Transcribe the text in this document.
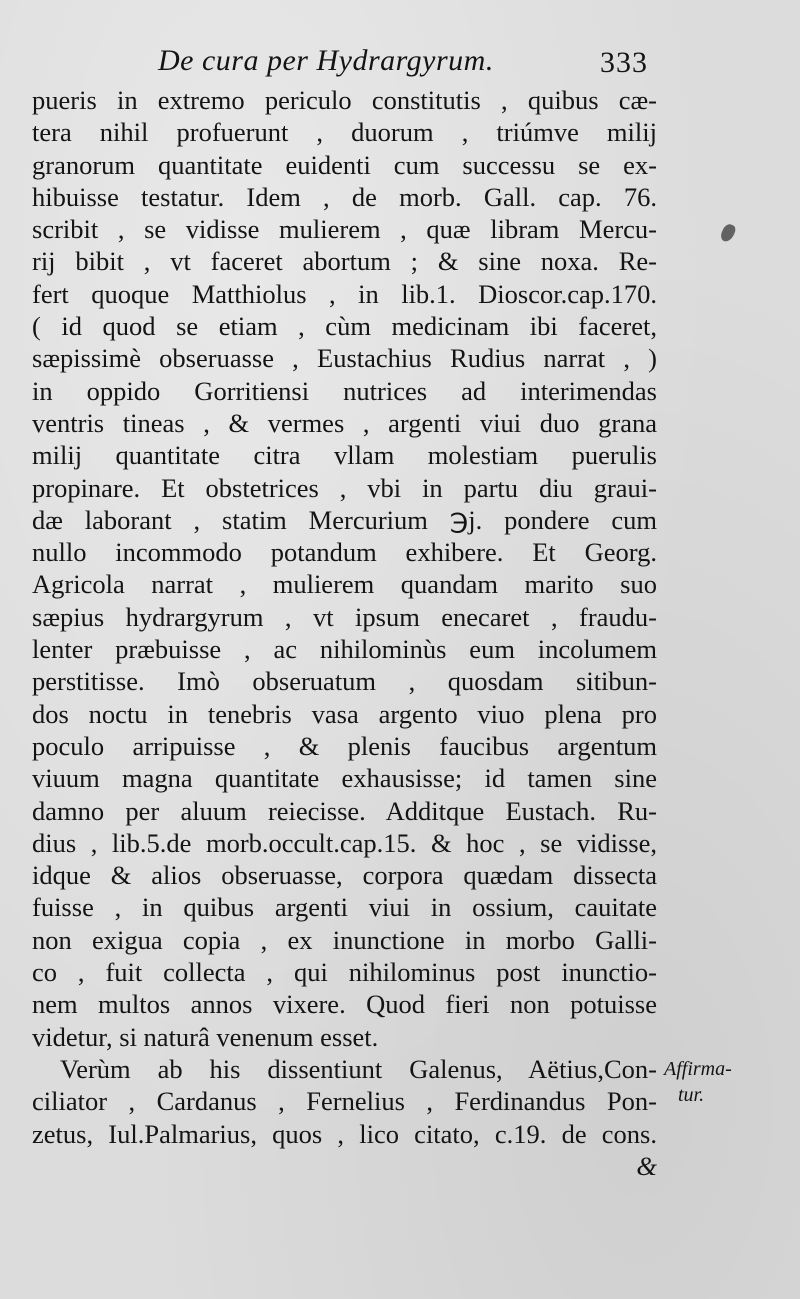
De cura per Hydrargyrum.	333
pueris in extremo periculo constitutis , quibus cæ-
tera nihil profuerunt , duorum , triúmve milij
granorum quantitate euidenti cum successu se ex-
hibuisse testatur. Idem , de morb. Gall. cap. 76.
scribit , se vidisse mulierem , quæ libram Mercu-
rij bibit , vt faceret abortum ; & sine noxa. Re-
fert quoque Matthiolus , in lib.1. Dioscor.cap.170.
( id quod se etiam , cùm medicinam ibi faceret,
sæpissimè obseruasse , Eustachius Rudius narrat , )
in oppido Gorritiensi nutrices ad interimendas
ventris tineas , & vermes , argenti viui duo grana
milij quantitate citra vllam molestiam puerulis
propinare. Et obstetrices , vbi in partu diu graui-
dæ laborant , statim Mercurium ℈j. pondere cum
nullo incommodo potandum exhibere. Et Georg.
Agricola narrat , mulierem quandam marito suo
sæpius hydrargyrum , vt ipsum enecaret , fraudu-
lenter præbuisse , ac nihilominùs eum incolumem
perstitisse. Imò obseruatum , quosdam sitibun-
dos noctu in tenebris vasa argento viuo plena pro
poculo arripuisse , & plenis faucibus argentum
viuum magna quantitate exhausisse; id tamen sine
damno per aluum reiecisse. Additque Eustach. Ru-
dius , lib.5.de morb.occult.cap.15. & hoc , se vidisse,
idque & alios obseruasse, corpora quædam dissecta
fuisse , in quibus argenti viui in ossium, cauitate
non exigua copia , ex inunctione in morbo Galli-
co , fuit collecta , qui nihilominus post inunctio-
nem multos annos vixere. Quod fieri non potuisse
videtur, si naturâ venenum esset.
Verùm ab his dissentiunt Galenus, Aëtius,Con-
ciliator , Cardanus , Fernelius , Ferdinandus Pon-
zetus, Iul.Palmarius, quos , lico citato, c.19. de cons.
&
Affirma-
tur.
